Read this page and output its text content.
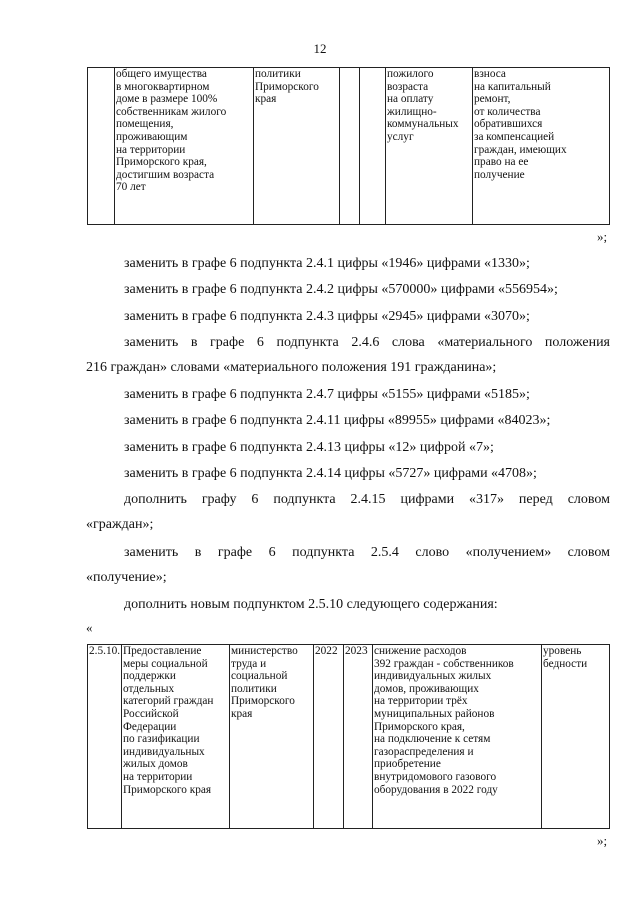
12
	общего имущества
в многоквартирном
доме в размере 100%
собственникам жилого
помещения,
проживающим
на территории
Приморского края,
достигшим возраста
70 лет	политики
Приморского
края			пожилого
возраста
на оплату
жилищно-
коммунальных
услуг	взноса
на капитальный
ремонт,
от количества
обратившихся
за компенсацией
граждан, имеющих
право на ее
получение
»;
заменить в графе 6 подпункта 2.4.1 цифры «1946» цифрами «1330»;
заменить в графе 6 подпункта 2.4.2 цифры «570000» цифрами «556954»;
заменить в графе 6 подпункта 2.4.3 цифры «2945» цифрами «3070»;
заменить в графе 6 подпункта 2.4.6 слова «материального положения
216 граждан» словами «материального положения 191 гражданина»;
заменить в графе 6 подпункта 2.4.7 цифры «5155» цифрами «5185»;
заменить в графе 6 подпункта 2.4.11 цифры «89955» цифрами «84023»;
заменить в графе 6 подпункта 2.4.13 цифры «12» цифрой «7»;
заменить в графе 6 подпункта 2.4.14 цифры «5727» цифрами «4708»;
дополнить графу 6 подпункта 2.4.15 цифрами «317» перед словом
«граждан»;
заменить в графе 6 подпункта 2.5.4 слово «получением» словом
«получение»;
дополнить новым подпунктом 2.5.10 следующего содержания:
«
2.5.10.	Предоставление
меры социальной
поддержки
отдельных
категорий граждан
Российской
Федерации
по газификации
индивидуальных
жилых домов
на территории
Приморского края	министерство
труда и
социальной
политики
Приморского
края	2022	2023	снижение расходов
392 граждан - собственников
индивидуальных жилых
домов, проживающих
на территории трёх
муниципальных районов
Приморского края,
на подключение к сетям
газораспределения и
приобретение
внутридомового газового
оборудования в 2022 году	уровень
бедности
»;
